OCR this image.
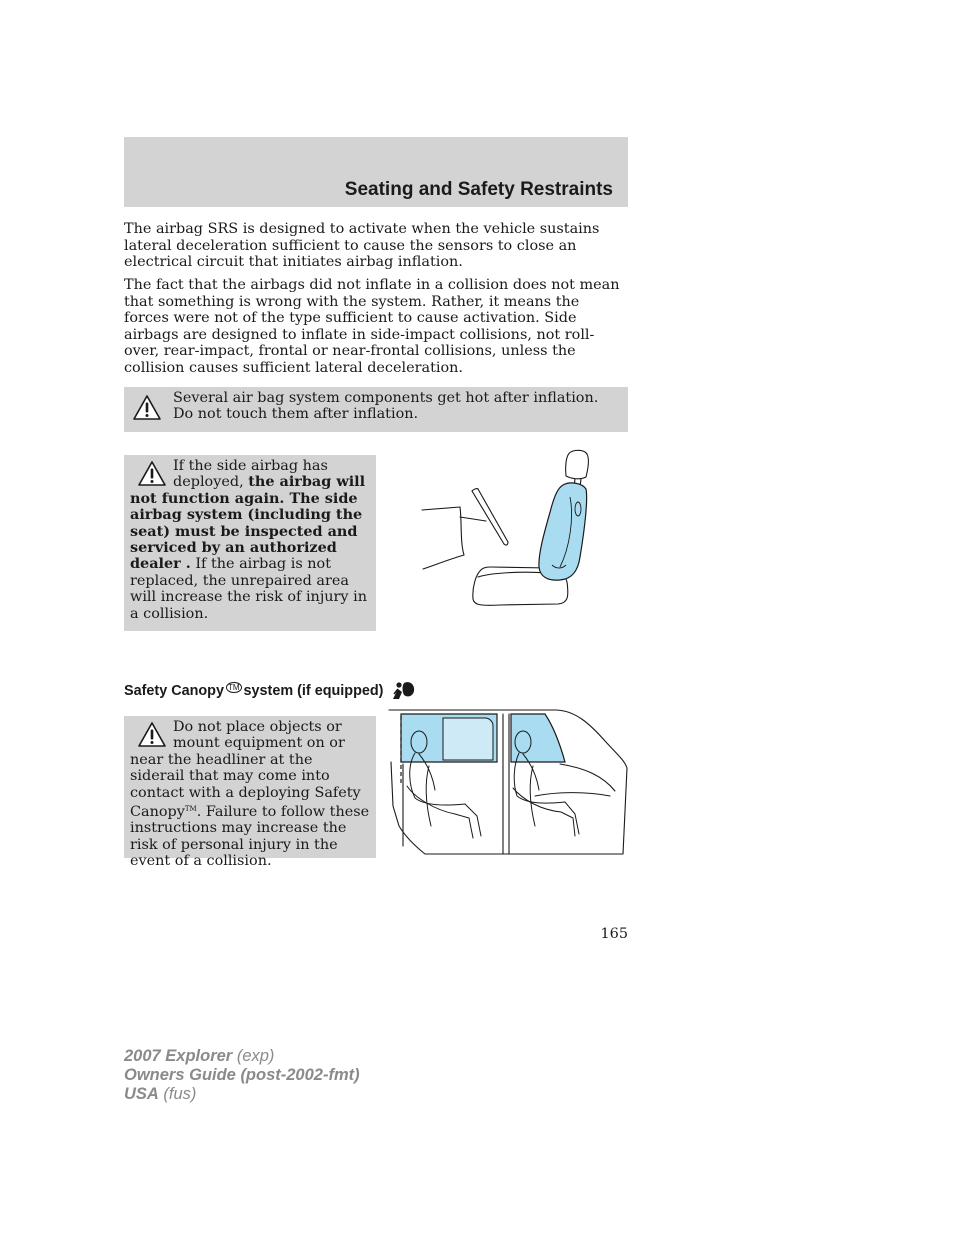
Seating and Safety Restraints

The airbag SRS is designed to activate when the vehicle sustains lateral deceleration sufficient to cause the sensors to close an electrical circuit that initiates airbag inflation.

The fact that the airbags did not inflate in a collision does not mean that something is wrong with the system. Rather, it means the forces were not of the type sufficient to cause activation. Side airbags are designed to inflate in side-impact collisions, not roll-over, rear-impact, frontal or near-frontal collisions, unless the collision causes sufficient lateral deceleration.

Several air bag system components get hot after inflation. Do not touch them after inflation.

If the side airbag has deployed, the airbag will not function again. The side airbag system (including the seat) must be inspected and serviced by an authorized dealer . If the airbag is not replaced, the unrepaired area will increase the risk of injury in a collision.

Safety Canopy ™ system (if equipped)

Do not place objects or mount equipment on or near the headliner at the siderail that may come into contact with a deploying Safety Canopy™. Failure to follow these instructions may increase the risk of personal injury in the event of a collision.

165
2007 Explorer (exp)
Owners Guide (post-2002-fmt)
USA (fus)
